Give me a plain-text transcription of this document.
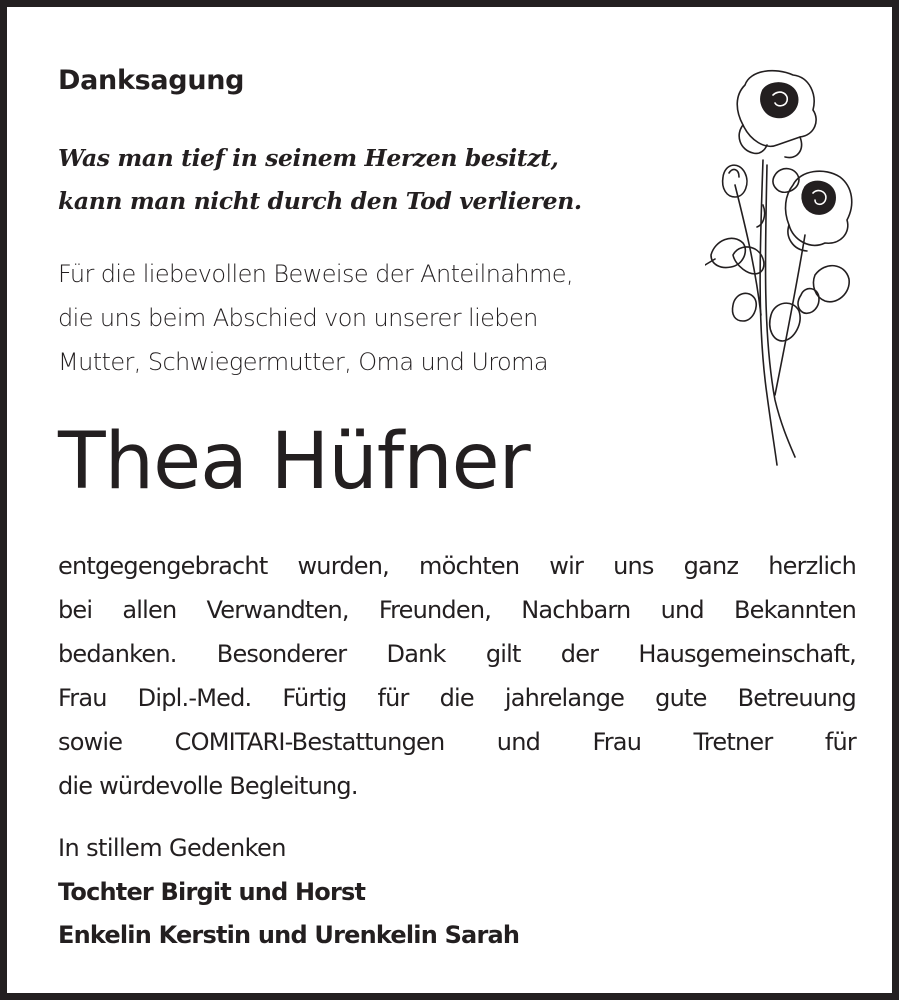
Danksagung
Was man tief in seinem Herzen besitzt,
kann man nicht durch den Tod verlieren.
Für die liebevollen Beweise der Anteilnahme,
die uns beim Abschied von unserer lieben
Mutter, Schwiegermutter, Oma und Uroma
Thea Hüfner
entgegengebracht wurden, möchten wir uns ganz herzlich
bei allen Verwandten, Freunden, Nachbarn und Bekannten
bedanken. Besonderer Dank gilt der Hausgemeinschaft,
Frau Dipl.-Med. Fürtig für die jahrelange gute Betreuung
sowie COMITARI-Bestattungen und Frau Tretner für
die würdevolle Begleitung.
In stillem Gedenken
Tochter Birgit und Horst
Enkelin Kerstin und Urenkelin Sarah
